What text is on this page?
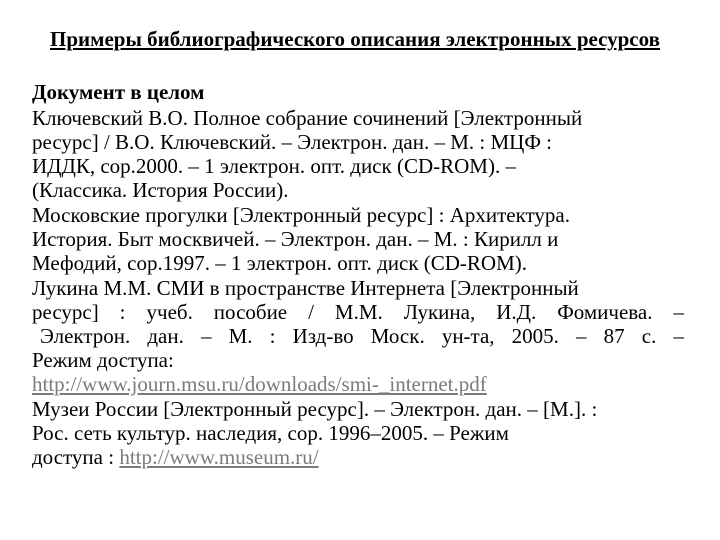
Примеры библиографического описания электронных ресурсов
Документ в целом
Ключевский В.О. Полное собрание сочинений [Электронный
ресурс] / В.О. Ключевский. – Электрон. дан. – М. : МЦФ :
ИДДК, cop.2000. – 1 электрон. опт. диск (CD-ROM). –
(Классика. История России).
Московские прогулки [Электронный ресурс] : Архитектура.
История. Быт москвичей. – Электрон. дан. – М. : Кирилл и
Мефодий, cop.1997. – 1 электрон. опт. диск (CD-ROM).
Лукина М.М. СМИ в пространстве Интернета [Электронный
ресурс] : учеб. пособие / М.М. Лукина, И.Д. Фомичева. –
Электрон. дан. – М. : Изд-во Моск. ун-та, 2005. – 87 с. –
Режим доступа:
http://www.journ.msu.ru/downloads/smi-_internet.pdf
Музеи России [Электронный ресурс]. – Электрон. дан. – [М.]. :
Рос. сеть культур. наследия, cop. 1996–2005. – Режим
доступа : http://www.museum.ru/
